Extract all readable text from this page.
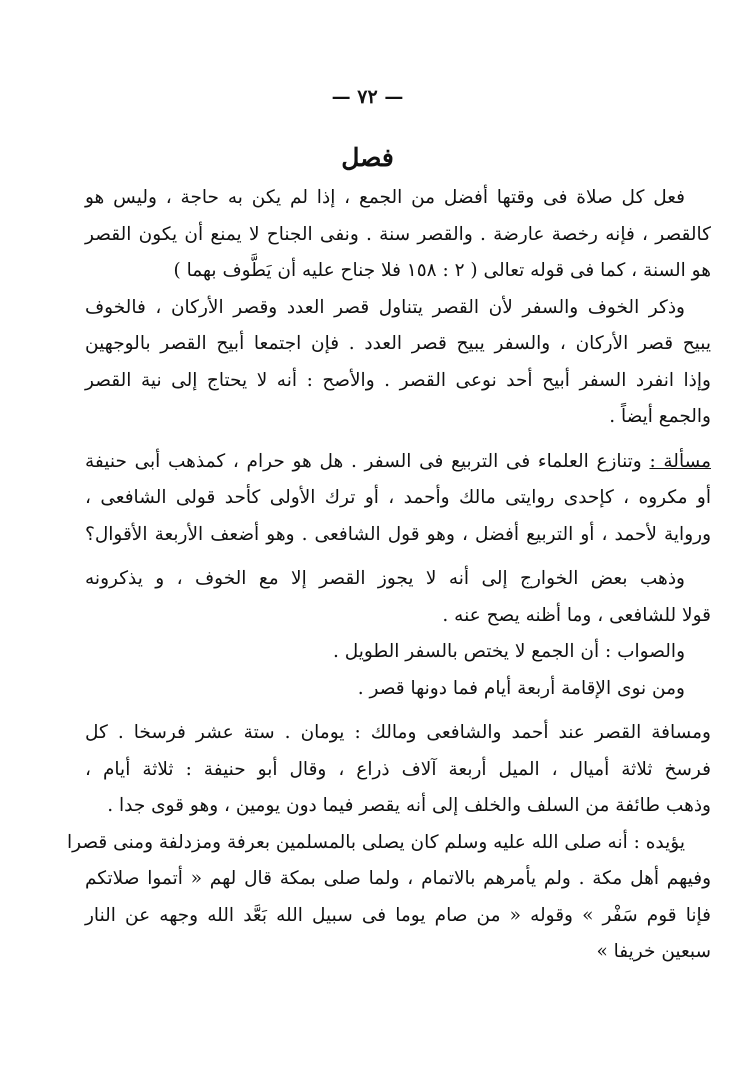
— ٧٢ —
فصل
فعل كل صلاة فى وقتها أفضل من الجمع ، إذا لم يكن به حاجة ، وليس هو
كالقصر ، فإنه رخصة عارضة . والقصر سنة . ونفى الجناح لا يمنع أن يكون القصر
هو السنة ، كما فى قوله تعالى ( ٢ : ١٥٨ فلا جناح عليه أن يَطَّوف بهما )
وذكر الخوف والسفر لأن القصر يتناول قصر العدد وقصر الأركان ، فالخوف
يبيح قصر الأركان ، والسفر يبيح قصر العدد . فإن اجتمعا أبيح القصر بالوجهين
وإذا انفرد السفر أبيح أحد نوعى القصر . والأصح : أنه لا يحتاج إلى نية القصر
والجمع أيضاً .
مسألة : وتنازع العلماء فى التربيع فى السفر . هل هو حرام ، كمذهب أبى حنيفة
أو مكروه ، كإحدى روايتى مالك وأحمد ، أو ترك الأولى كأحد قولى الشافعى ،
ورواية لأحمد ، أو التربيع أفضل ، وهو قول الشافعى . وهو أضعف الأربعة الأقوال؟
وذهب بعض الخوارج إلى أنه لا يجوز القصر إلا مع الخوف ، و يذكرونه
قولا للشافعى ، وما أظنه يصح عنه .
والصواب : أن الجمع لا يختص بالسفر الطويل .
ومن نوى الإقامة أربعة أيام فما دونها قصر .
ومسافة القصر عند أحمد والشافعى ومالك : يومان . ستة عشر فرسخا . كل
فرسخ ثلاثة أميال ، الميل أربعة آلاف ذراع ، وقال أبو حنيفة : ثلاثة أيام ،
وذهب طائفة من السلف والخلف إلى أنه يقصر فيما دون يومين ، وهو قوى جدا .
يؤيده : أنه صلى الله عليه وسلم كان يصلى بالمسلمين بعرفة ومزدلفة ومنى قصرا
وفيهم أهل مكة . ولم يأمرهم بالاتمام ، ولما صلى بمكة قال لهم « أتموا صلاتكم
فإنا قوم سَفْر » وقوله « من صام يوما فى سبيل الله بَعَّد الله وجهه عن النار
سبعين خريفا »
